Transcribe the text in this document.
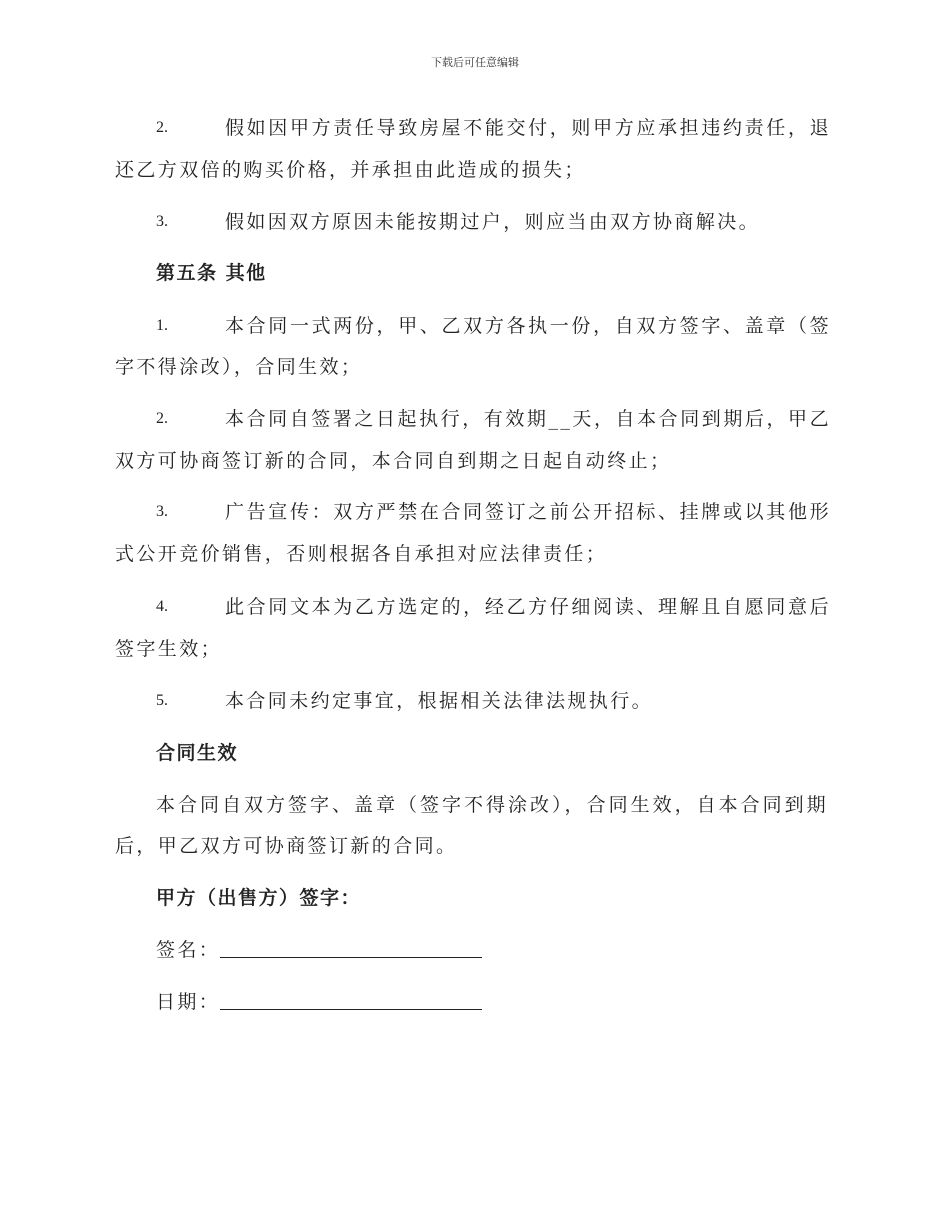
下载后可任意编辑
2.	假如因甲方责任导致房屋不能交付，则甲方应承担违约责任，退
还乙方双倍的购买价格，并承担由此造成的损失；
3.	假如因双方原因未能按期过户，则应当由双方协商解决。
第五条 其他
1.	本合同一式两份，甲、乙双方各执一份，自双方签字、盖章（签
字不得涂改），合同生效；
2.	本合同自签署之日起执行，有效期__天，自本合同到期后，甲乙
双方可协商签订新的合同，本合同自到期之日起自动终止；
3.	广告宣传：双方严禁在合同签订之前公开招标、挂牌或以其他形
式公开竞价销售，否则根据各自承担对应法律责任；
4.	此合同文本为乙方选定的，经乙方仔细阅读、理解且自愿同意后
签字生效；
5.	本合同未约定事宜，根据相关法律法规执行。
合同生效
本合同自双方签字、盖章（签字不得涂改），合同生效，自本合同到期
后，甲乙双方可协商签订新的合同。
甲方（出售方）签字：
签名：
日期：
